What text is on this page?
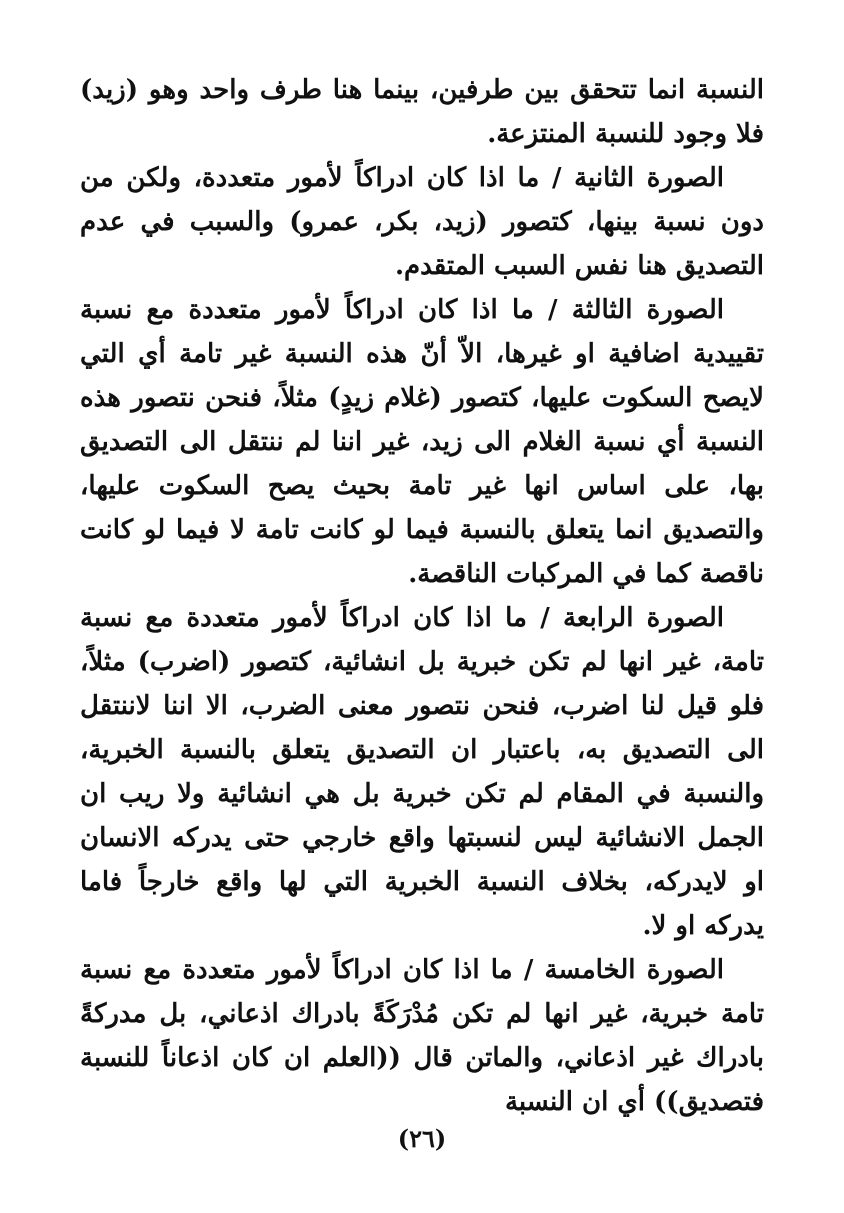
النسبة انما تتحقق بين طرفين، بينما هنا طرف واحد وهو (زيد) فلا وجود للنسبة المنتزعة.

الصورة الثانية / ما اذا كان ادراكاً لأمور متعددة، ولكن من دون نسبة بينها، كتصور (زيد، بكر، عمرو) والسبب في عدم التصديق هنا نفس السبب المتقدم.

الصورة الثالثة / ما اذا كان ادراكاً لأمور متعددة مع نسبة تقييدية اضافية او غيرها، الاّ أنّ هذه النسبة غير تامة أي التي لايصح السكوت عليها، كتصور (غلام زيدٍ) مثلاً، فنحن نتصور هذه النسبة أي نسبة الغلام الى زيد، غير اننا لم ننتقل الى التصديق بها، على اساس انها غير تامة بحيث يصح السكوت عليها، والتصديق انما يتعلق بالنسبة فيما لو كانت تامة لا فيما لو كانت ناقصة كما في المركبات الناقصة.

الصورة الرابعة / ما اذا كان ادراكاً لأمور متعددة مع نسبة تامة، غير انها لم تكن خبرية بل انشائية، كتصور (اضرب) مثلاً، فلو قيل لنا اضرب، فنحن نتصور معنى الضرب، الا اننا لاننتقل الى التصديق به، باعتبار ان التصديق يتعلق بالنسبة الخبرية، والنسبة في المقام لم تكن خبرية بل هي انشائية ولا ريب ان الجمل الانشائية ليس لنسبتها واقع خارجي حتى يدركه الانسان او لايدركه، بخلاف النسبة الخبرية التي لها واقع خارجاً فاما يدركه او لا.

الصورة الخامسة / ما اذا كان ادراكاً لأمور متعددة مع نسبة تامة خبرية، غير انها لم تكن مُدْرَكَةً بادراك اذعاني، بل مدركةً بادراك غير اذعاني، والماتن قال ((العلم ان كان اذعاناً للنسبة فتصديق)) أي ان النسبة

(٢٦)
